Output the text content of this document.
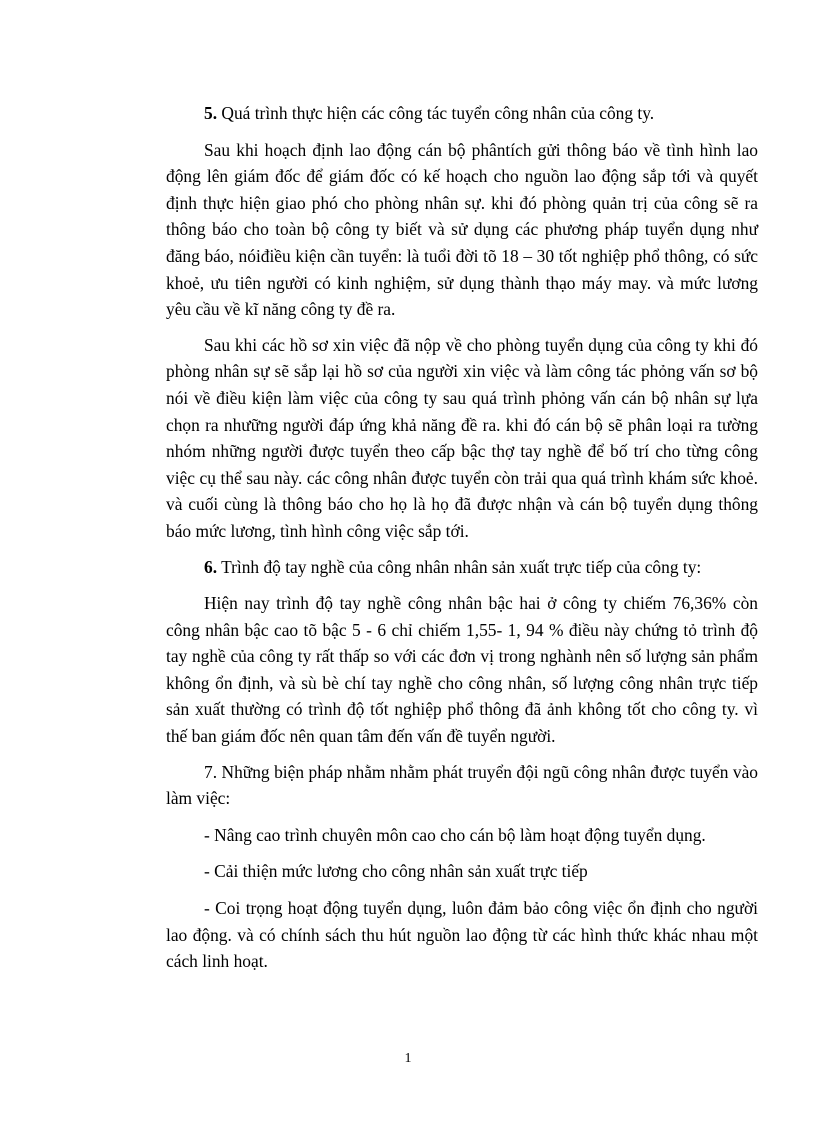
5. Quá trình thực hiện các công tác tuyển công nhân của công ty.

Sau khi hoạch định lao động cán bộ phântích gửi thông báo về tình hình lao động lên giám đốc để giám đốc có kế hoạch cho nguồn lao động sắp tới và quyết định thực hiện giao phó cho phòng nhân sự. khi đó phòng quản trị của công sẽ ra thông báo cho toàn bộ công ty biết và sử dụng các phương pháp tuyển dụng như đăng báo, nóiđiều kiện cần tuyển: là tuổi đời tõ 18 – 30 tốt nghiệp phổ thông, có sức khoẻ, ưu tiên người có kinh nghiệm, sử dụng thành thạo máy may. và mức lương yêu cầu về kĩ năng công ty đề ra.

Sau khi các hồ sơ xin việc đã nộp về cho phòng tuyển dụng của công ty khi đó phòng nhân sự sẽ sắp lại hồ sơ của người xin việc và làm công tác phỏng vấn sơ bộ nói về điều kiện làm việc của công ty sau quá trình phỏng vấn cán bộ nhân sự lựa chọn ra nhưững người đáp ứng khả năng đề ra. khi đó cán bộ sẽ phân loại ra tường nhóm những người được tuyển theo cấp bậc thợ tay nghề để bố trí cho từng công việc cụ thể sau này. các công nhân được tuyển còn trải qua quá trình khám sức khoẻ. và cuối cùng là thông báo cho họ là họ đã được nhận và cán bộ tuyển dụng thông báo mức lương, tình hình công việc sắp tới.

6. Trình độ tay nghề của công nhân nhân sản xuất trực tiếp của công ty:

Hiện nay trình độ tay nghề công nhân bậc hai ở công ty chiếm 76,36% còn công nhân bậc cao tõ bậc 5 - 6 chỉ chiếm 1,55- 1, 94 % điều này chứng tỏ trình độ tay nghề của công ty rất thấp so với các đơn vị trong nghành nên số lượng sản phẩm không ổn định, và sù bè chí tay nghề cho công nhân, số lượng công nhân trực tiếp sản xuất thường có trình độ tốt nghiệp phổ thông đã ảnh không tốt cho công ty. vì thế ban giám đốc nên quan tâm đến vấn đề tuyển người.

7. Những biện pháp nhằm nhằm phát truyển đội ngũ công nhân được tuyển vào làm việc:

- Nâng cao trình chuyên môn cao cho cán bộ làm hoạt động tuyển dụng.

- Cải thiện mức lương cho công nhân sản xuất trực tiếp

- Coi trọng hoạt động tuyển dụng, luôn đảm bảo công việc ổn định cho người lao động. và có chính sách thu hút nguồn lao động từ các hình thức khác nhau một cách linh hoạt.

1
